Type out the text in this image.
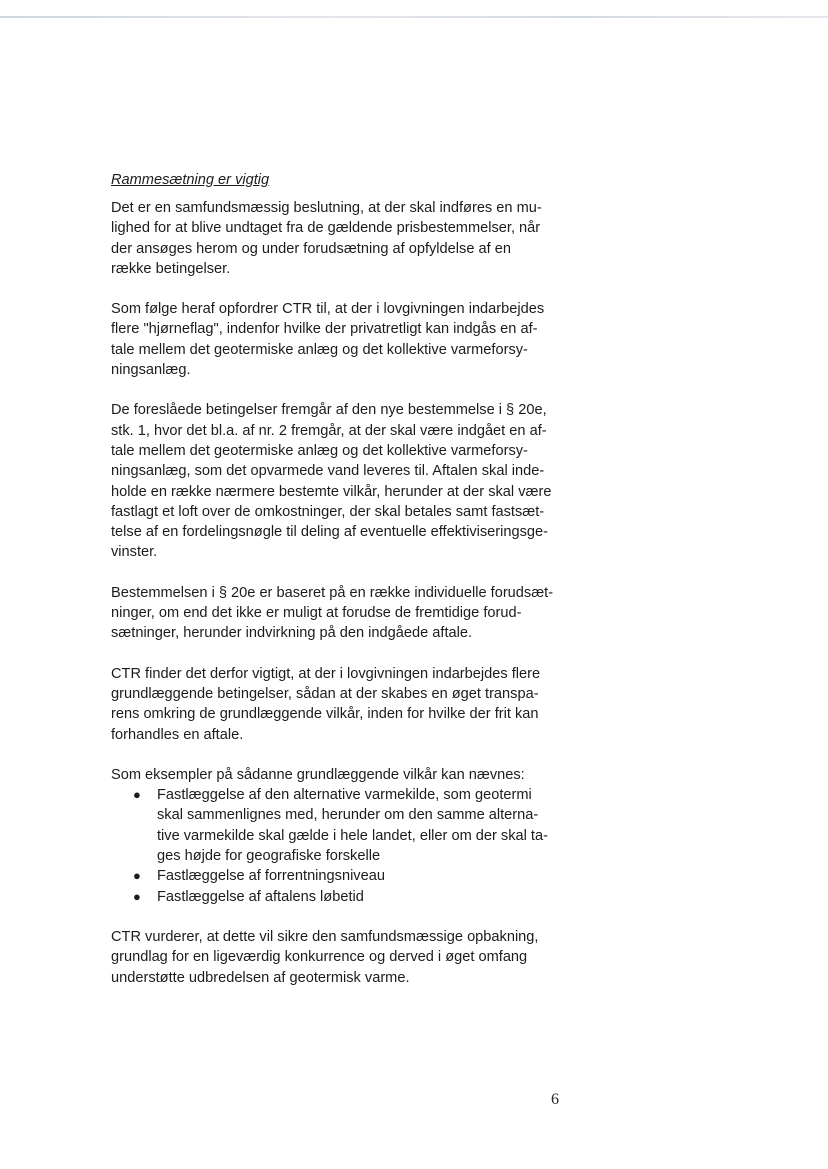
Rammesætning er vigtig
Det er en samfundsmæssig beslutning, at der skal indføres en mu-
lighed for at blive undtaget fra de gældende prisbestemmelser, når
der ansøges herom og under forudsætning af opfyldelse af en
række betingelser.
Som følge heraf opfordrer CTR til, at der i lovgivningen indarbejdes
flere "hjørneflag", indenfor hvilke der privatretligt kan indgås en af-
tale mellem det geotermiske anlæg og det kollektive varmeforsy-
ningsanlæg.
De foreslåede betingelser fremgår af den nye bestemmelse i § 20e,
stk. 1, hvor det bl.a. af nr. 2 fremgår, at der skal være indgået en af-
tale mellem det geotermiske anlæg og det kollektive varmeforsy-
ningsanlæg, som det opvarmede vand leveres til. Aftalen skal inde-
holde en række nærmere bestemte vilkår, herunder at der skal være
fastlagt et loft over de omkostninger, der skal betales samt fastsæt-
telse af en fordelingsnøgle til deling af eventuelle effektiviseringsge-
vinster.
Bestemmelsen i § 20e er baseret på en række individuelle forudsæt-
ninger, om end det ikke er muligt at forudse de fremtidige forud-
sætninger, herunder indvirkning på den indgåede aftale.
CTR finder det derfor vigtigt, at der i lovgivningen indarbejdes flere
grundlæggende betingelser, sådan at der skabes en øget transpa-
rens omkring de grundlæggende vilkår, inden for hvilke der frit kan
forhandles en aftale.
Som eksempler på sådanne grundlæggende vilkår kan nævnes:
● Fastlæggelse af den alternative varmekilde, som geotermi
skal sammenlignes med, herunder om den samme alterna-
tive varmekilde skal gælde i hele landet, eller om der skal ta-
ges højde for geografiske forskelle
● Fastlæggelse af forrentningsniveau
● Fastlæggelse af aftalens løbetid
CTR vurderer, at dette vil sikre den samfundsmæssige opbakning,
grundlag for en ligeværdig konkurrence og derved i øget omfang
understøtte udbredelsen af geotermisk varme.
6
